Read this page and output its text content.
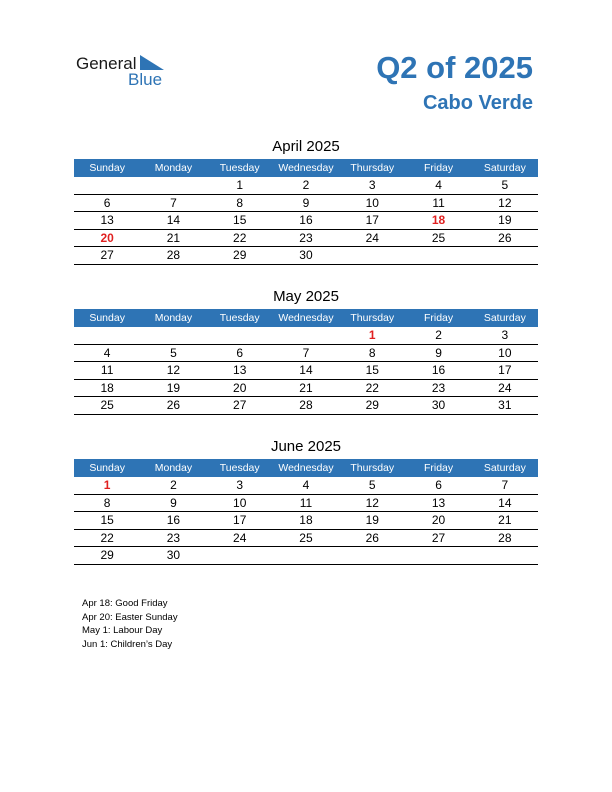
General
Blue	Q2 of 2025
Cabo Verde
April 2025
Sunday	Monday	Tuesday	Wednesday	Thursday	Friday	Saturday
		1	2	3	4	5
6	7	8	9	10	11	12
13	14	15	16	17	18	19
20	21	22	23	24	25	26
27	28	29	30			
May 2025
Sunday	Monday	Tuesday	Wednesday	Thursday	Friday	Saturday
				1	2	3
4	5	6	7	8	9	10
11	12	13	14	15	16	17
18	19	20	21	22	23	24
25	26	27	28	29	30	31
June 2025
Sunday	Monday	Tuesday	Wednesday	Thursday	Friday	Saturday
1	2	3	4	5	6	7
8	9	10	11	12	13	14
15	16	17	18	19	20	21
22	23	24	25	26	27	28
29	30					
Apr 18: Good Friday
Apr 20: Easter Sunday
May 1: Labour Day
Jun 1: Children’s Day
